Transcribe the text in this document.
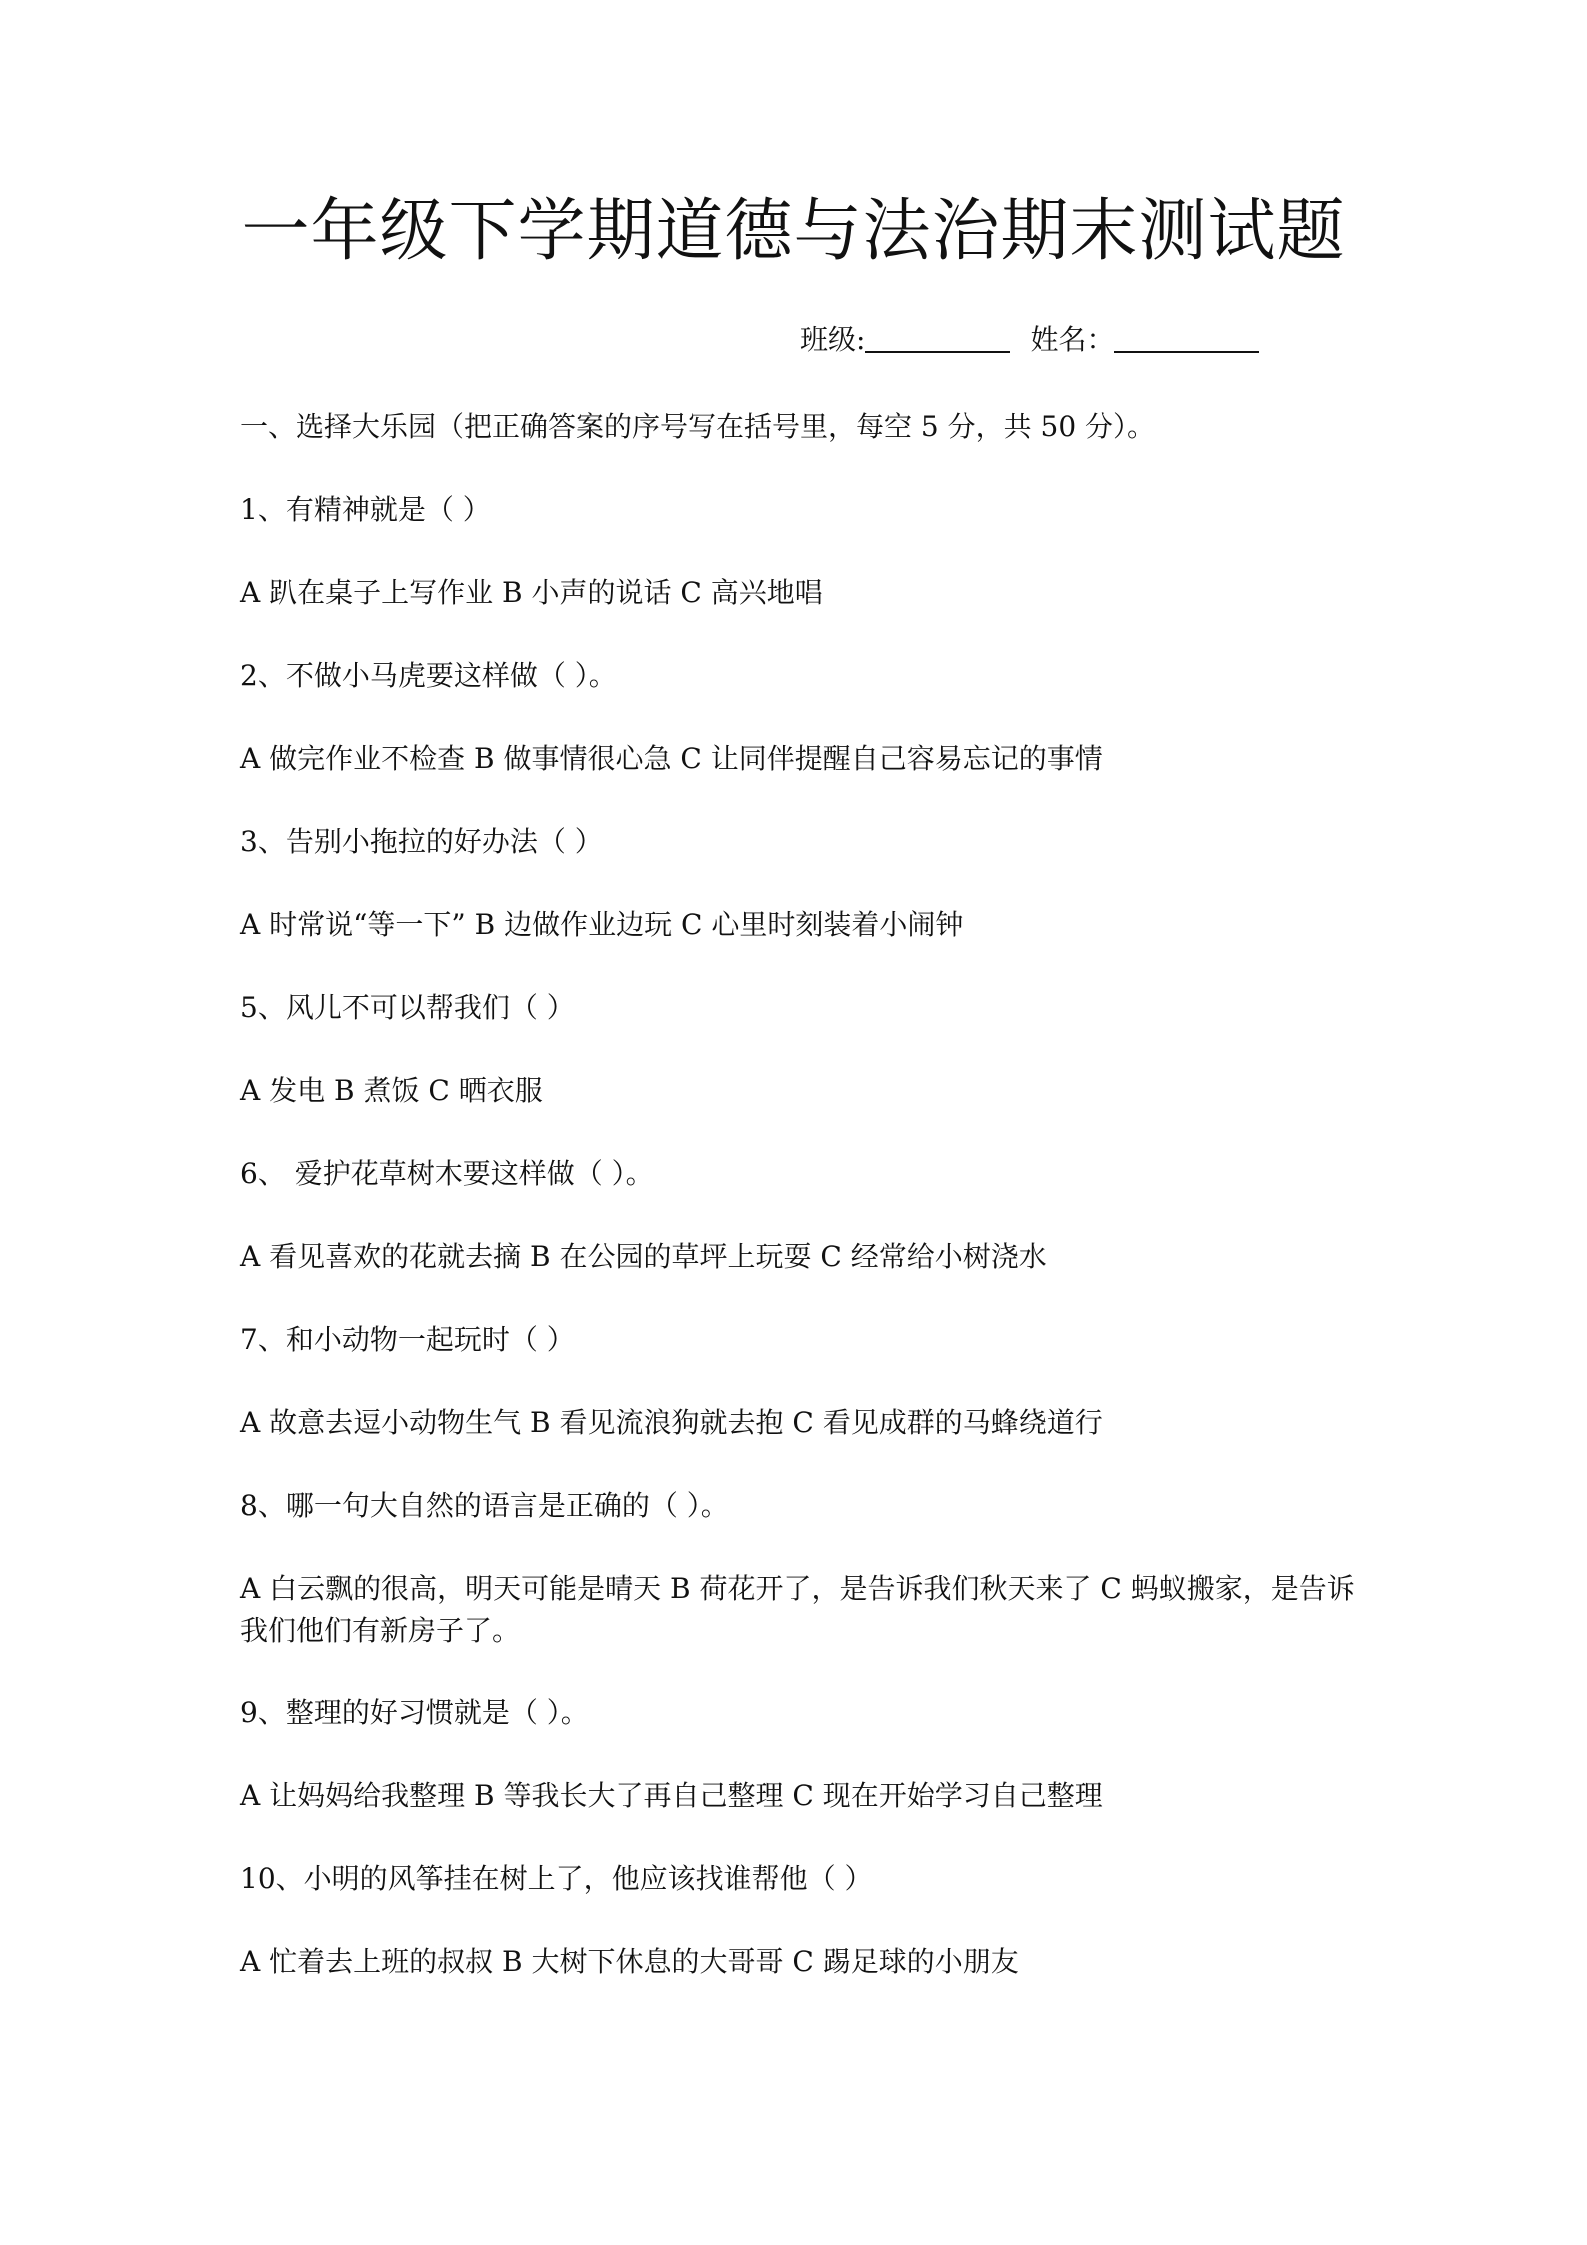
一年级下学期道德与法治期末测试题
班级:	姓名：
一、选择大乐园（把正确答案的序号写在括号里，每空 5 分，共 50 分）。
1、有精神就是（ ）
A 趴在桌子上写作业 B 小声的说话 C 高兴地唱
2、不做小马虎要这样做（ ）。
A 做完作业不检查 B 做事情很心急 C 让同伴提醒自己容易忘记的事情
3、告别小拖拉的好办法（ ）
A 时常说“等一下” B 边做作业边玩 C 心里时刻装着小闹钟
5、风儿不可以帮我们（ ）
A 发电 B 煮饭 C 晒衣服
6、 爱护花草树木要这样做（ ）。
A 看见喜欢的花就去摘 B 在公园的草坪上玩耍 C 经常给小树浇水
7、和小动物一起玩时（ ）
A 故意去逗小动物生气 B 看见流浪狗就去抱 C 看见成群的马蜂绕道行
8、哪一句大自然的语言是正确的（ ）。
A 白云飘的很高，明天可能是晴天 B 荷花开了，是告诉我们秋天来了 C 蚂蚁搬家，是告诉我们他们有新房子了。
9、整理的好习惯就是（ ）。
A 让妈妈给我整理 B 等我长大了再自己整理 C 现在开始学习自己整理
10、小明的风筝挂在树上了，他应该找谁帮他（ ）
A 忙着去上班的叔叔 B 大树下休息的大哥哥 C 踢足球的小朋友
